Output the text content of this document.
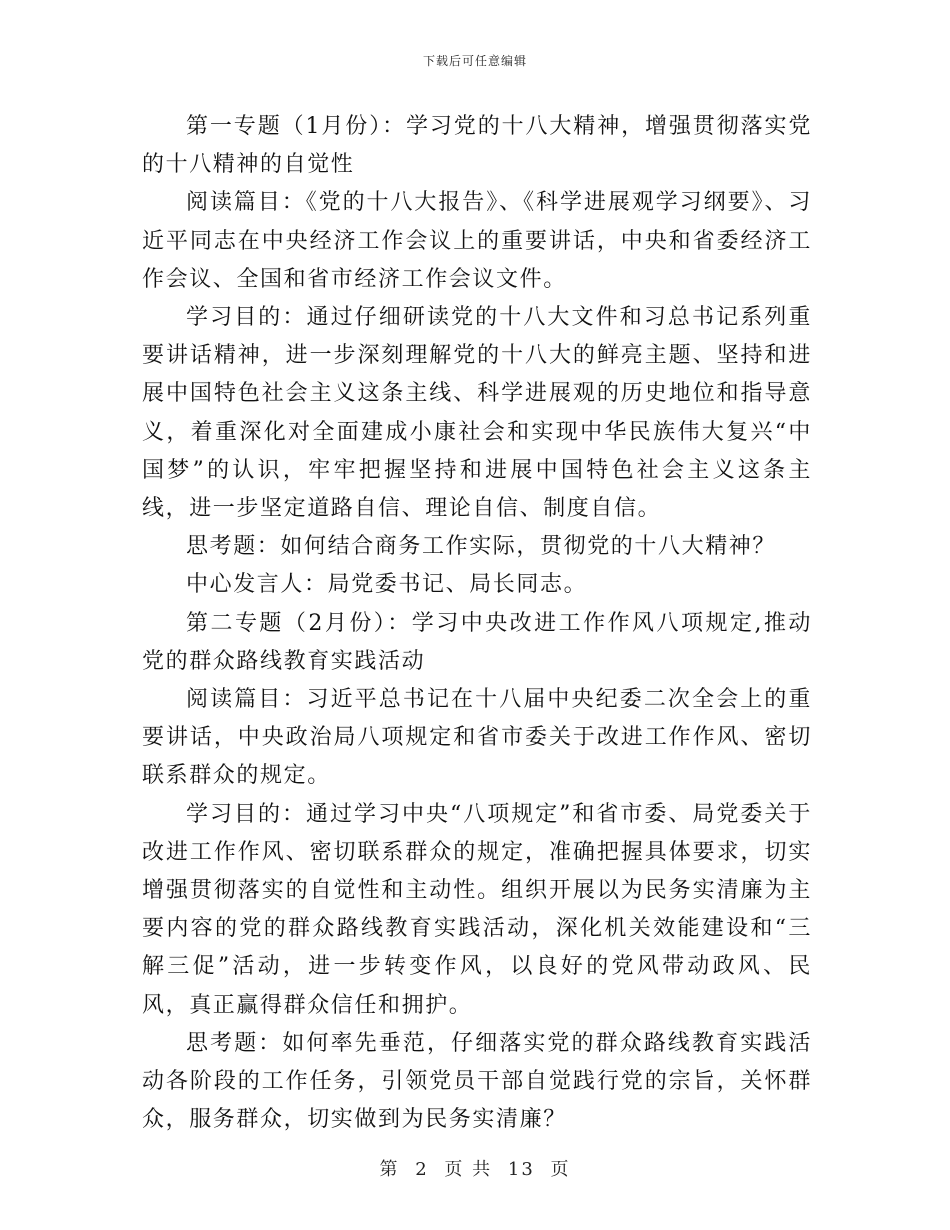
下载后可任意编辑

第一专题（1月份）：学习党的十八大精神，增强贯彻落实党的十八精神的自觉性

阅读篇目：《党的十八大报告》、《科学进展观学习纲要》、习近平同志在中央经济工作会议上的重要讲话，中央和省委经济工作会议、全国和省市经济工作会议文件。

学习目的：通过仔细研读党的十八大文件和习总书记系列重要讲话精神，进一步深刻理解党的十八大的鲜亮主题、坚持和进展中国特色社会主义这条主线、科学进展观的历史地位和指导意义，着重深化对全面建成小康社会和实现中华民族伟大复兴“中国梦”的认识，牢牢把握坚持和进展中国特色社会主义这条主线，进一步坚定道路自信、理论自信、制度自信。

思考题：如何结合商务工作实际，贯彻党的十八大精神？

中心发言人：局党委书记、局长同志。

第二专题（2月份）：学习中央改进工作作风八项规定,推动党的群众路线教育实践活动

阅读篇目：习近平总书记在十八届中央纪委二次全会上的重要讲话，中央政治局八项规定和省市委关于改进工作作风、密切联系群众的规定。

学习目的：通过学习中央“八项规定”和省市委、局党委关于改进工作作风、密切联系群众的规定，准确把握具体要求，切实增强贯彻落实的自觉性和主动性。组织开展以为民务实清廉为主要内容的党的群众路线教育实践活动，深化机关效能建设和“三解三促”活动，进一步转变作风，以良好的党风带动政风、民风，真正赢得群众信任和拥护。

思考题：如何率先垂范，仔细落实党的群众路线教育实践活动各阶段的工作任务，引领党员干部自觉践行党的宗旨，关怀群众，服务群众，切实做到为民务实清廉？

第 2 页 共 13 页
